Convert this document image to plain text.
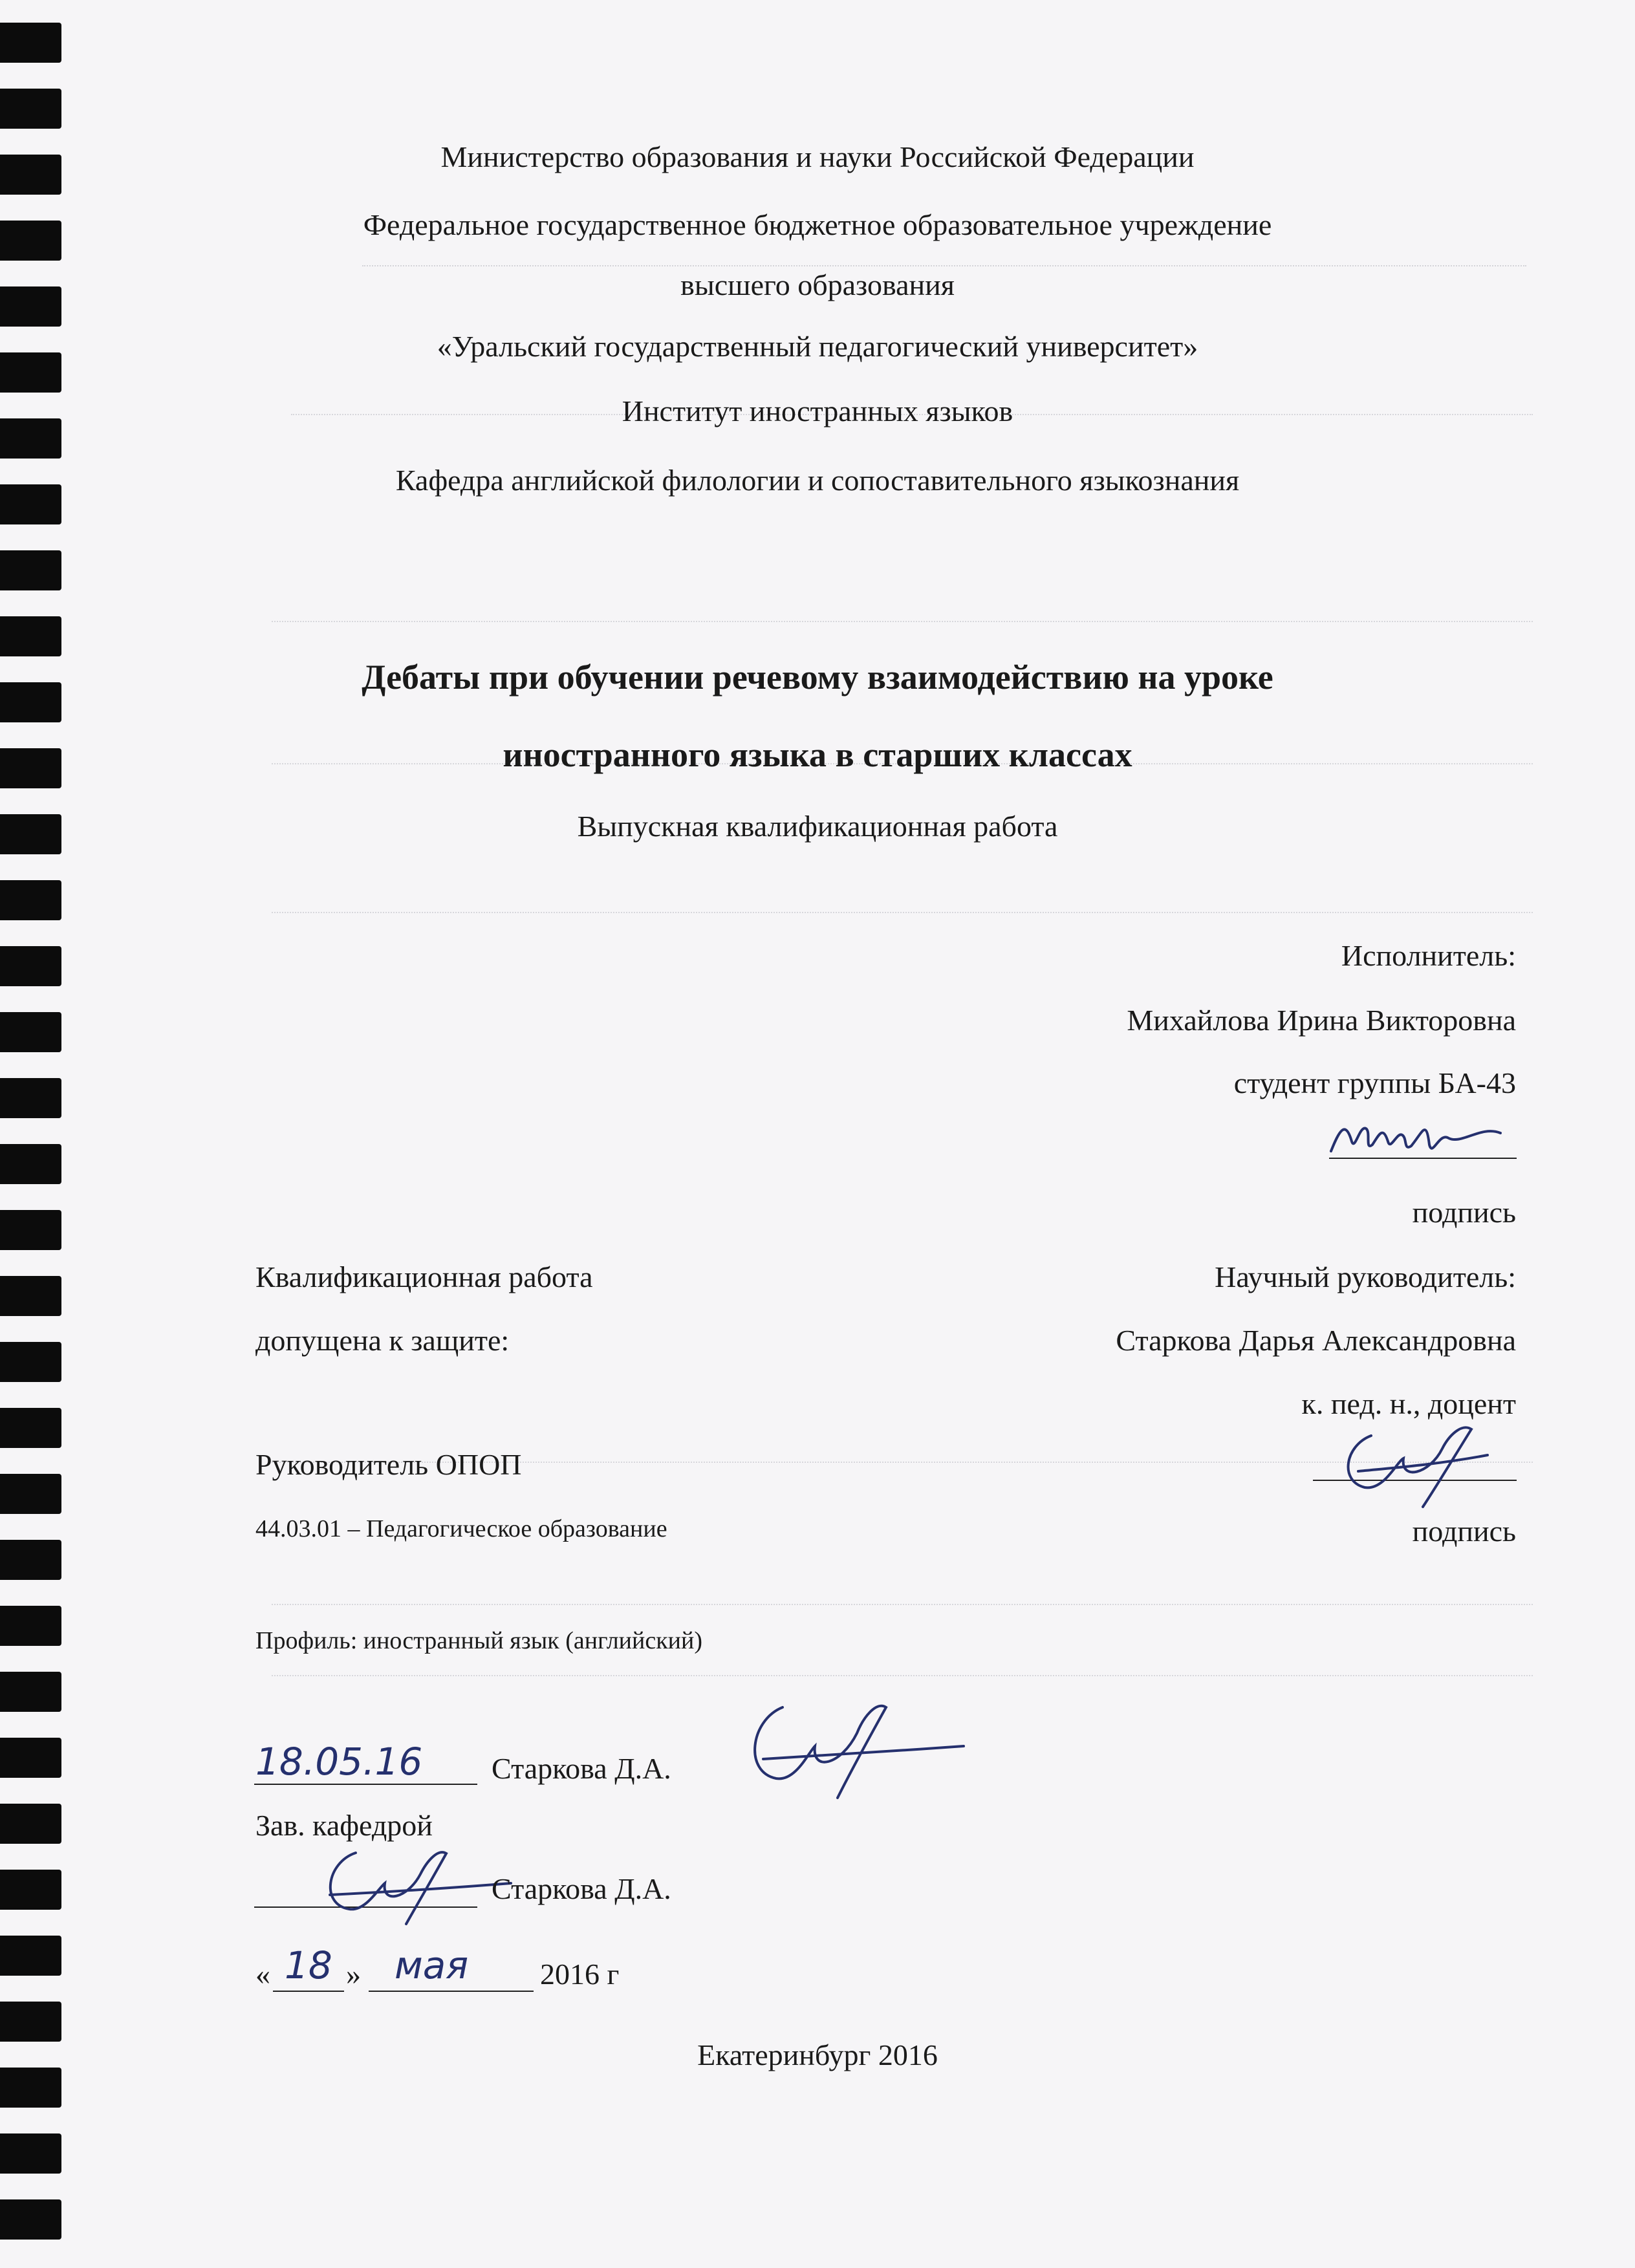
Министерство образования и науки Российской Федерации
Федеральное государственное бюджетное образовательное учреждение
высшего образования
«Уральский государственный педагогический университет»
Институт иностранных языков
Кафедра английской филологии и сопоставительного языкознания
Дебаты при обучении речевому взаимодействию на уроке
иностранного языка в старших классах
Выпускная квалификационная работа
Исполнитель:
Михайлова Ирина Викторовна
студент группы БА-43
подпись
Квалификационная работа	Научный руководитель:
допущена к защите:	Старкова Дарья Александровна
к. пед. н., доцент
Руководитель ОПОП
44.03.01 – Педагогическое образование	подпись
Профиль: иностранный язык (английский)
18.05.16 Старкова Д.А.
Зав. кафедрой
Старкова Д.А.
« 18 » мая 2016 г
Екатеринбург 2016
